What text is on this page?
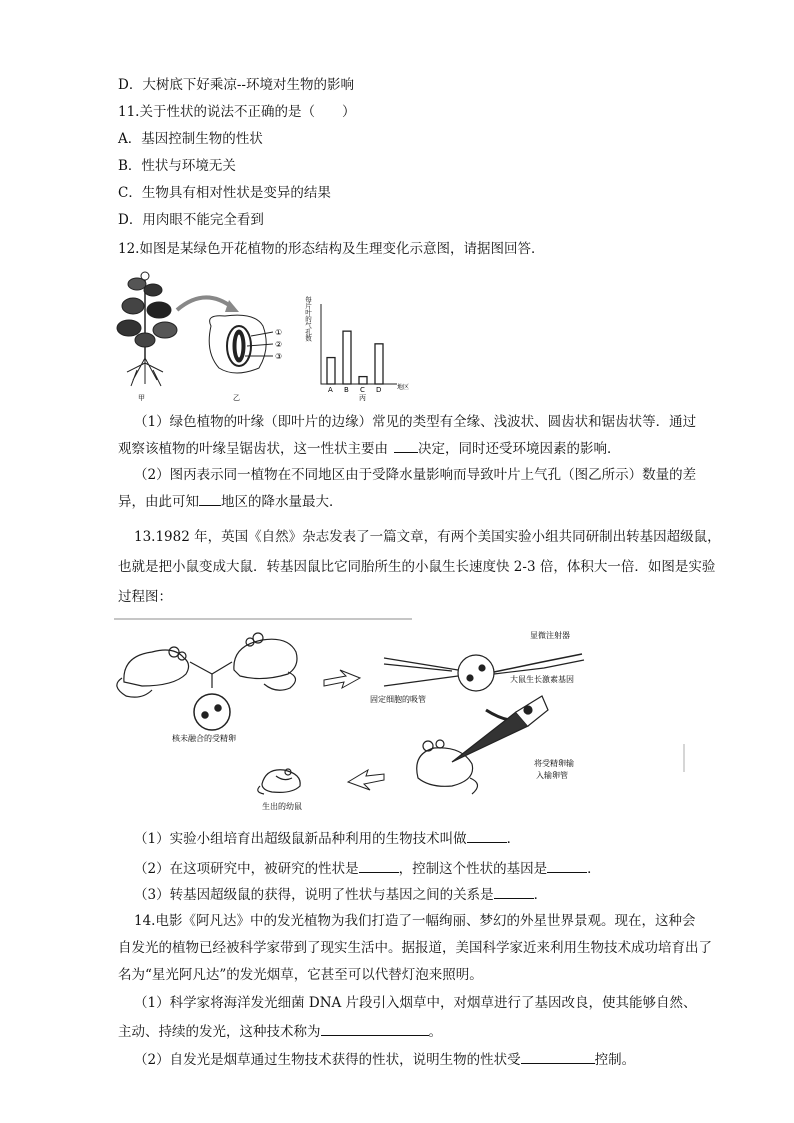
D．大树底下好乘凉--环境对生物的影响
11.关于性状的说法不正确的是（　　）
A．基因控制生物的性状
B．性状与环境无关
C．生物具有相对性状是变异的结果
D．用肉眼不能完全看到
12.如图是某绿色开花植物的形态结构及生理变化示意图，请据图回答．
①
②
③
A B C D
每片叶的气孔数
地区
甲	乙	丙
（1）绿色植物的叶缘（即叶片的边缘）常见的类型有全缘、浅波状、圆齿状和锯齿状等．通过
观察该植物的叶缘呈锯齿状，这一性状主要由 决定，同时还受环境因素的影响．
（2）图丙表示同一植物在不同地区由于受降水量影响而导致叶片上气孔（图乙所示）数量的差
异，由此可知 地区的降水量最大．
13.1982 年，英国《自然》杂志发表了一篇文章，有两个美国实验小组共同研制出转基因超级鼠，
也就是把小鼠变成大鼠．转基因鼠比它同胎所生的小鼠生长速度快 2-3 倍，体积大一倍．如图是实验
过程图：
核未融合的受精卵
显微注射器
大鼠生长激素基因
固定细胞的吸管
将受精卵输
入输卵管
生出的幼鼠
（1）实验小组培育出超级鼠新品种利用的生物技术叫做	．
（2）在这项研究中，被研究的性状是	，控制这个性状的基因是	．
（3）转基因超级鼠的获得，说明了性状与基因之间的关系是	．
14.电影《阿凡达》中的发光植物为我们打造了一幅绚丽、梦幻的外星世界景观。现在，这种会
自发光的植物已经被科学家带到了现实生活中。据报道，美国科学家近来利用生物技术成功培育出了
名为“星光阿凡达”的发光烟草，它甚至可以代替灯泡来照明。
（1）科学家将海洋发光细菌 DNA 片段引入烟草中，对烟草进行了基因改良，使其能够自然、
主动、持续的发光，这种技术称为	。
（2）自发光是烟草通过生物技术获得的性状，说明生物的性状受	控制。
